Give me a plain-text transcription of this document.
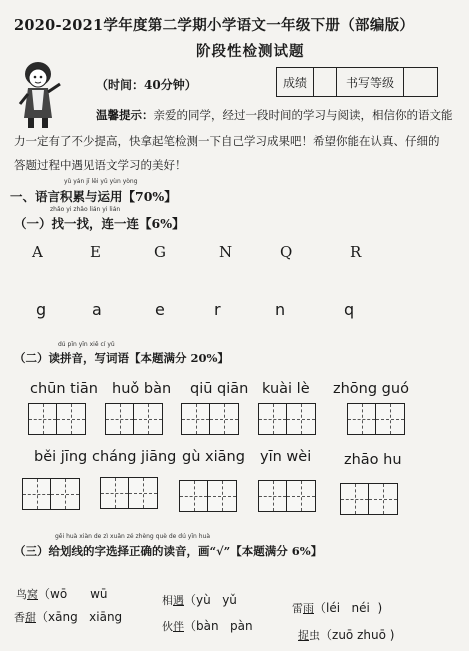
2020-2021学年度第二学期小学语文一年级下册（部编版）
阶段性检测试题
（时间：40分钟）	成绩	书写等级
温馨提示：亲爱的同学，经过一段时间的学习与阅读，相信你的语文能
力一定有了不少提高，快拿起笔检测一下自己学习成果吧！希望你能在认真、仔细的
答题过程中遇见语文学习的美好！
yǔ yán jī lěi yǔ yùn yòng
一、语言积累与运用【70%】
zhǎo yi zhǎo lián yi lián
（一）找一找，连一连【6%】
A	E	G	N	Q	R
g	a	e	r	n	q
dú pīn yīn xiě cí yǔ
（二）读拼音，写词语【本题满分 20%】
chūn tiān huǒ bàn qiū qiān kuài lè zhōng guó
běi jīng cháng jiāng gù xiāng yīn wèi zhāo hu
gěi huà xiàn de zì xuǎn zé zhèng què de dú yīn huà
（三）给划线的字选择正确的读音，画“√”【本题满分 6%】
鸟窝（wō wū	相遇（yù yǔ
雷雨（léi néi  )
香甜（xāng xiāng
伙伴（bàn pàn
捉虫（zuō zhuō )
